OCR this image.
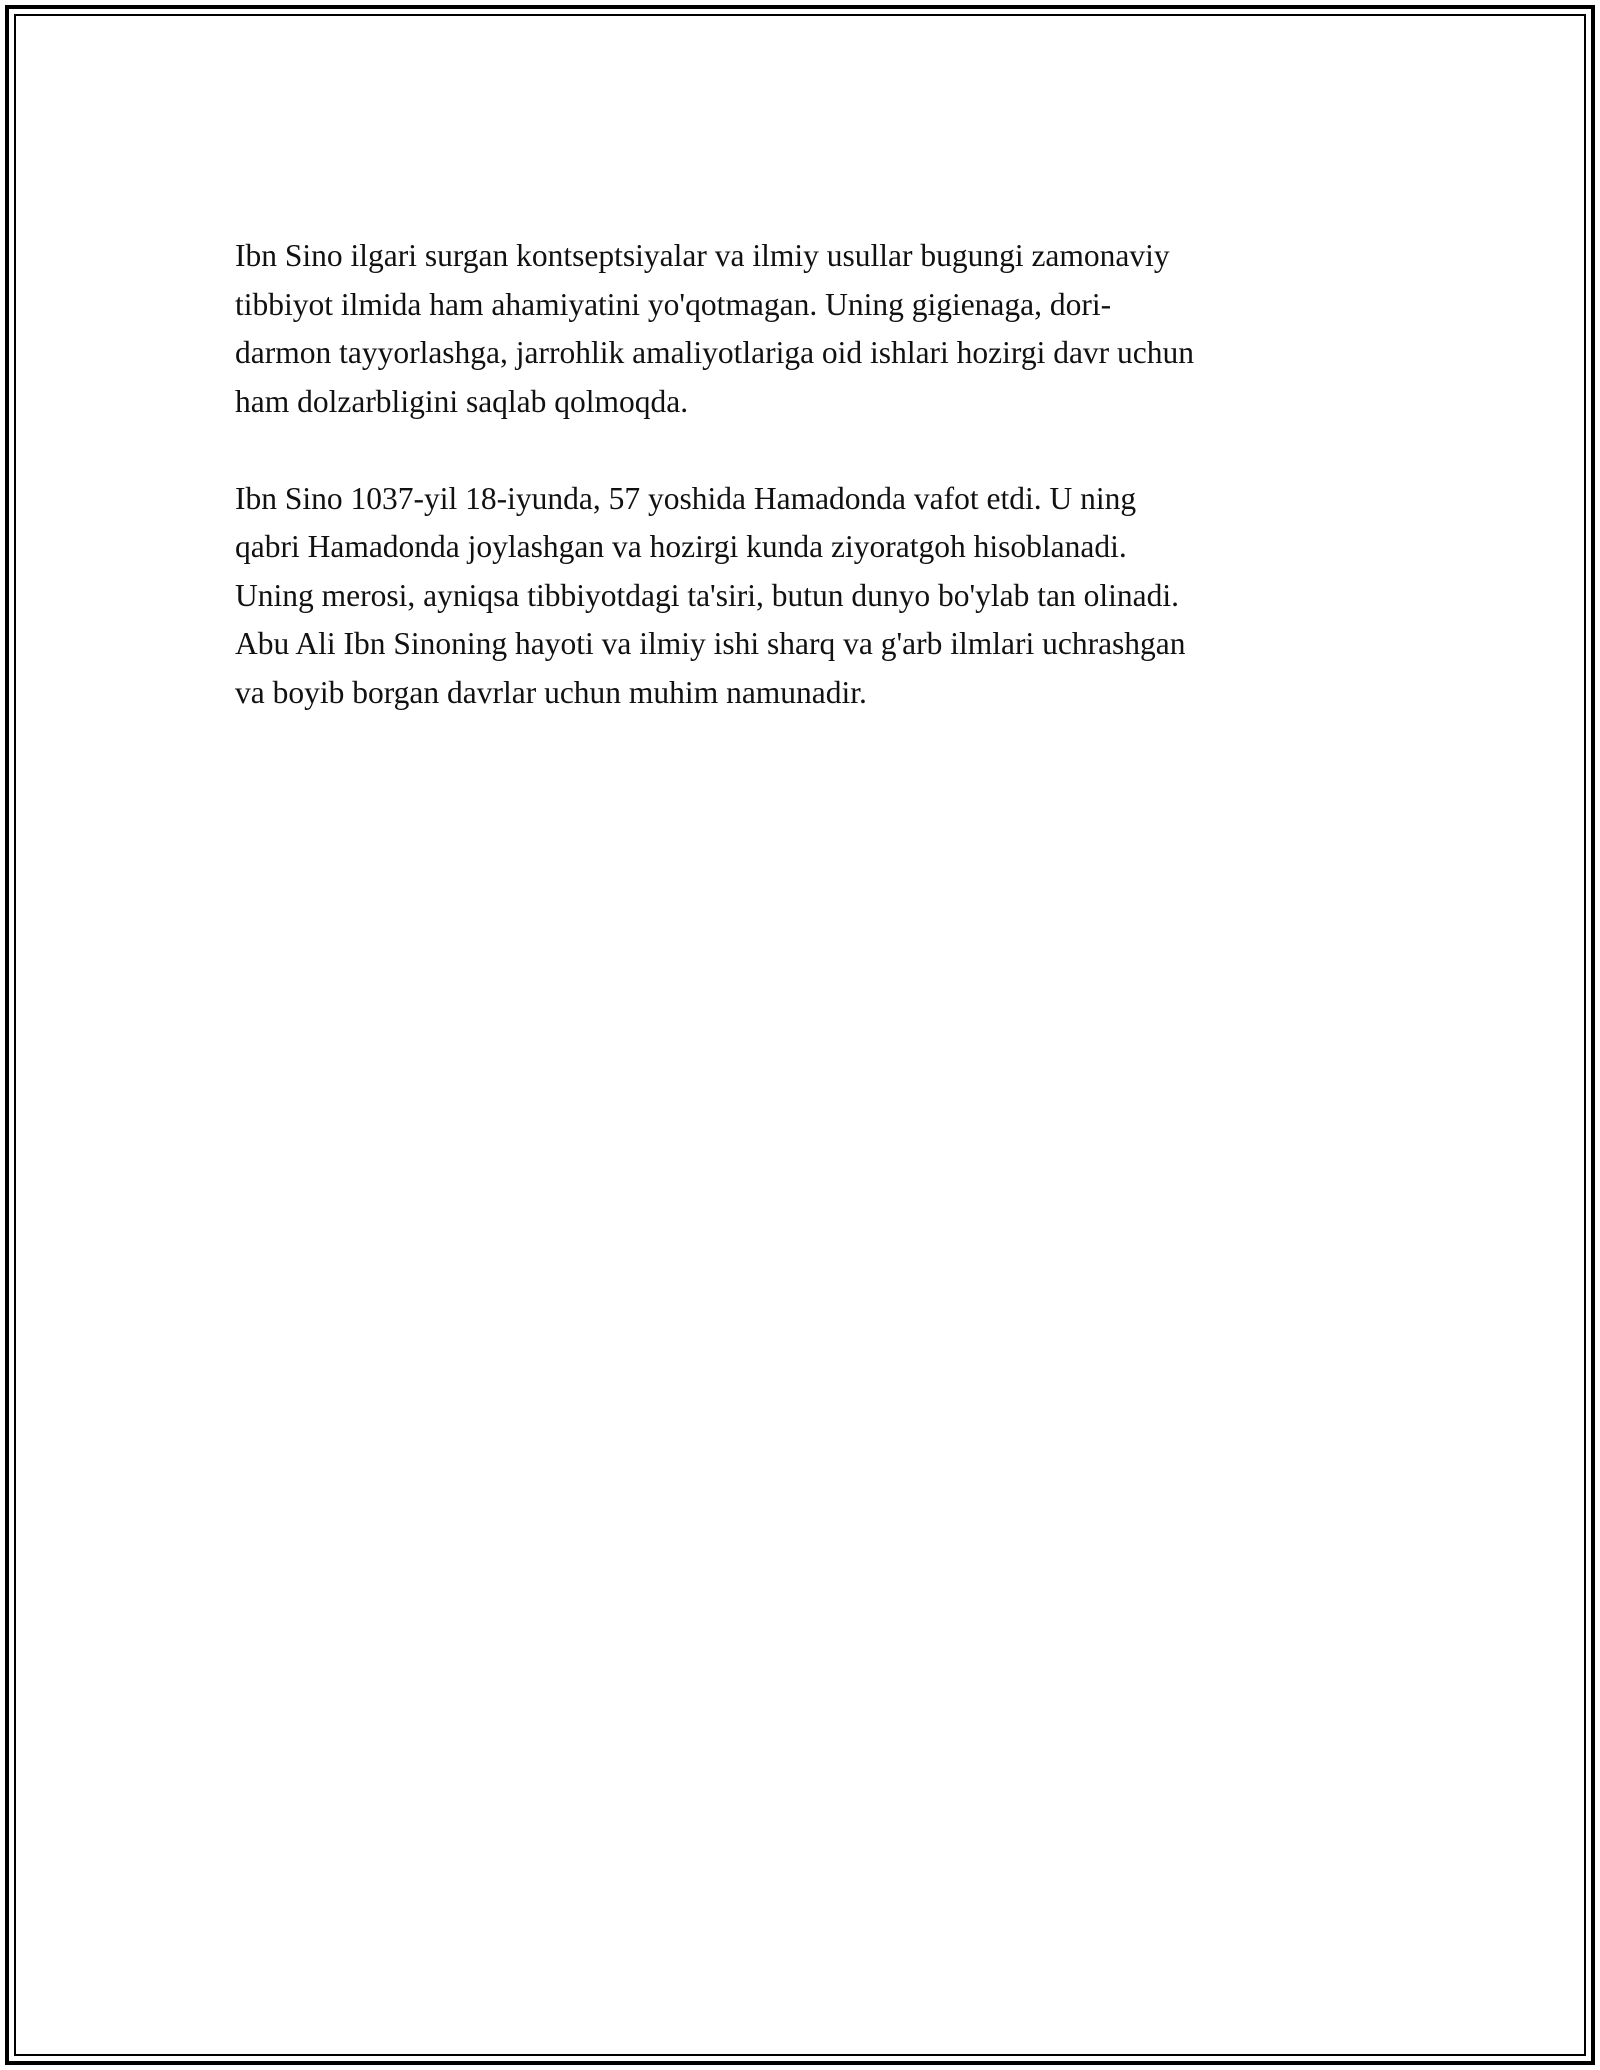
Ibn Sino ilgari surgan kontseptsiyalar va ilmiy usullar bugungi zamonaviy
tibbiyot ilmida ham ahamiyatini yo'qotmagan. Uning gigienaga, dori-
darmon tayyorlashga, jarrohlik amaliyotlariga oid ishlari hozirgi davr uchun
ham dolzarbligini saqlab qolmoqda.

Ibn Sino 1037-yil 18-iyunda, 57 yoshida Hamadonda vafot etdi. U ning
qabri Hamadonda joylashgan va hozirgi kunda ziyoratgoh hisoblanadi.
Uning merosi, ayniqsa tibbiyotdagi ta'siri, butun dunyo bo'ylab tan olinadi.
Abu Ali Ibn Sinoning hayoti va ilmiy ishi sharq va g'arb ilmlari uchrashgan
va boyib borgan davrlar uchun muhim namunadir.
